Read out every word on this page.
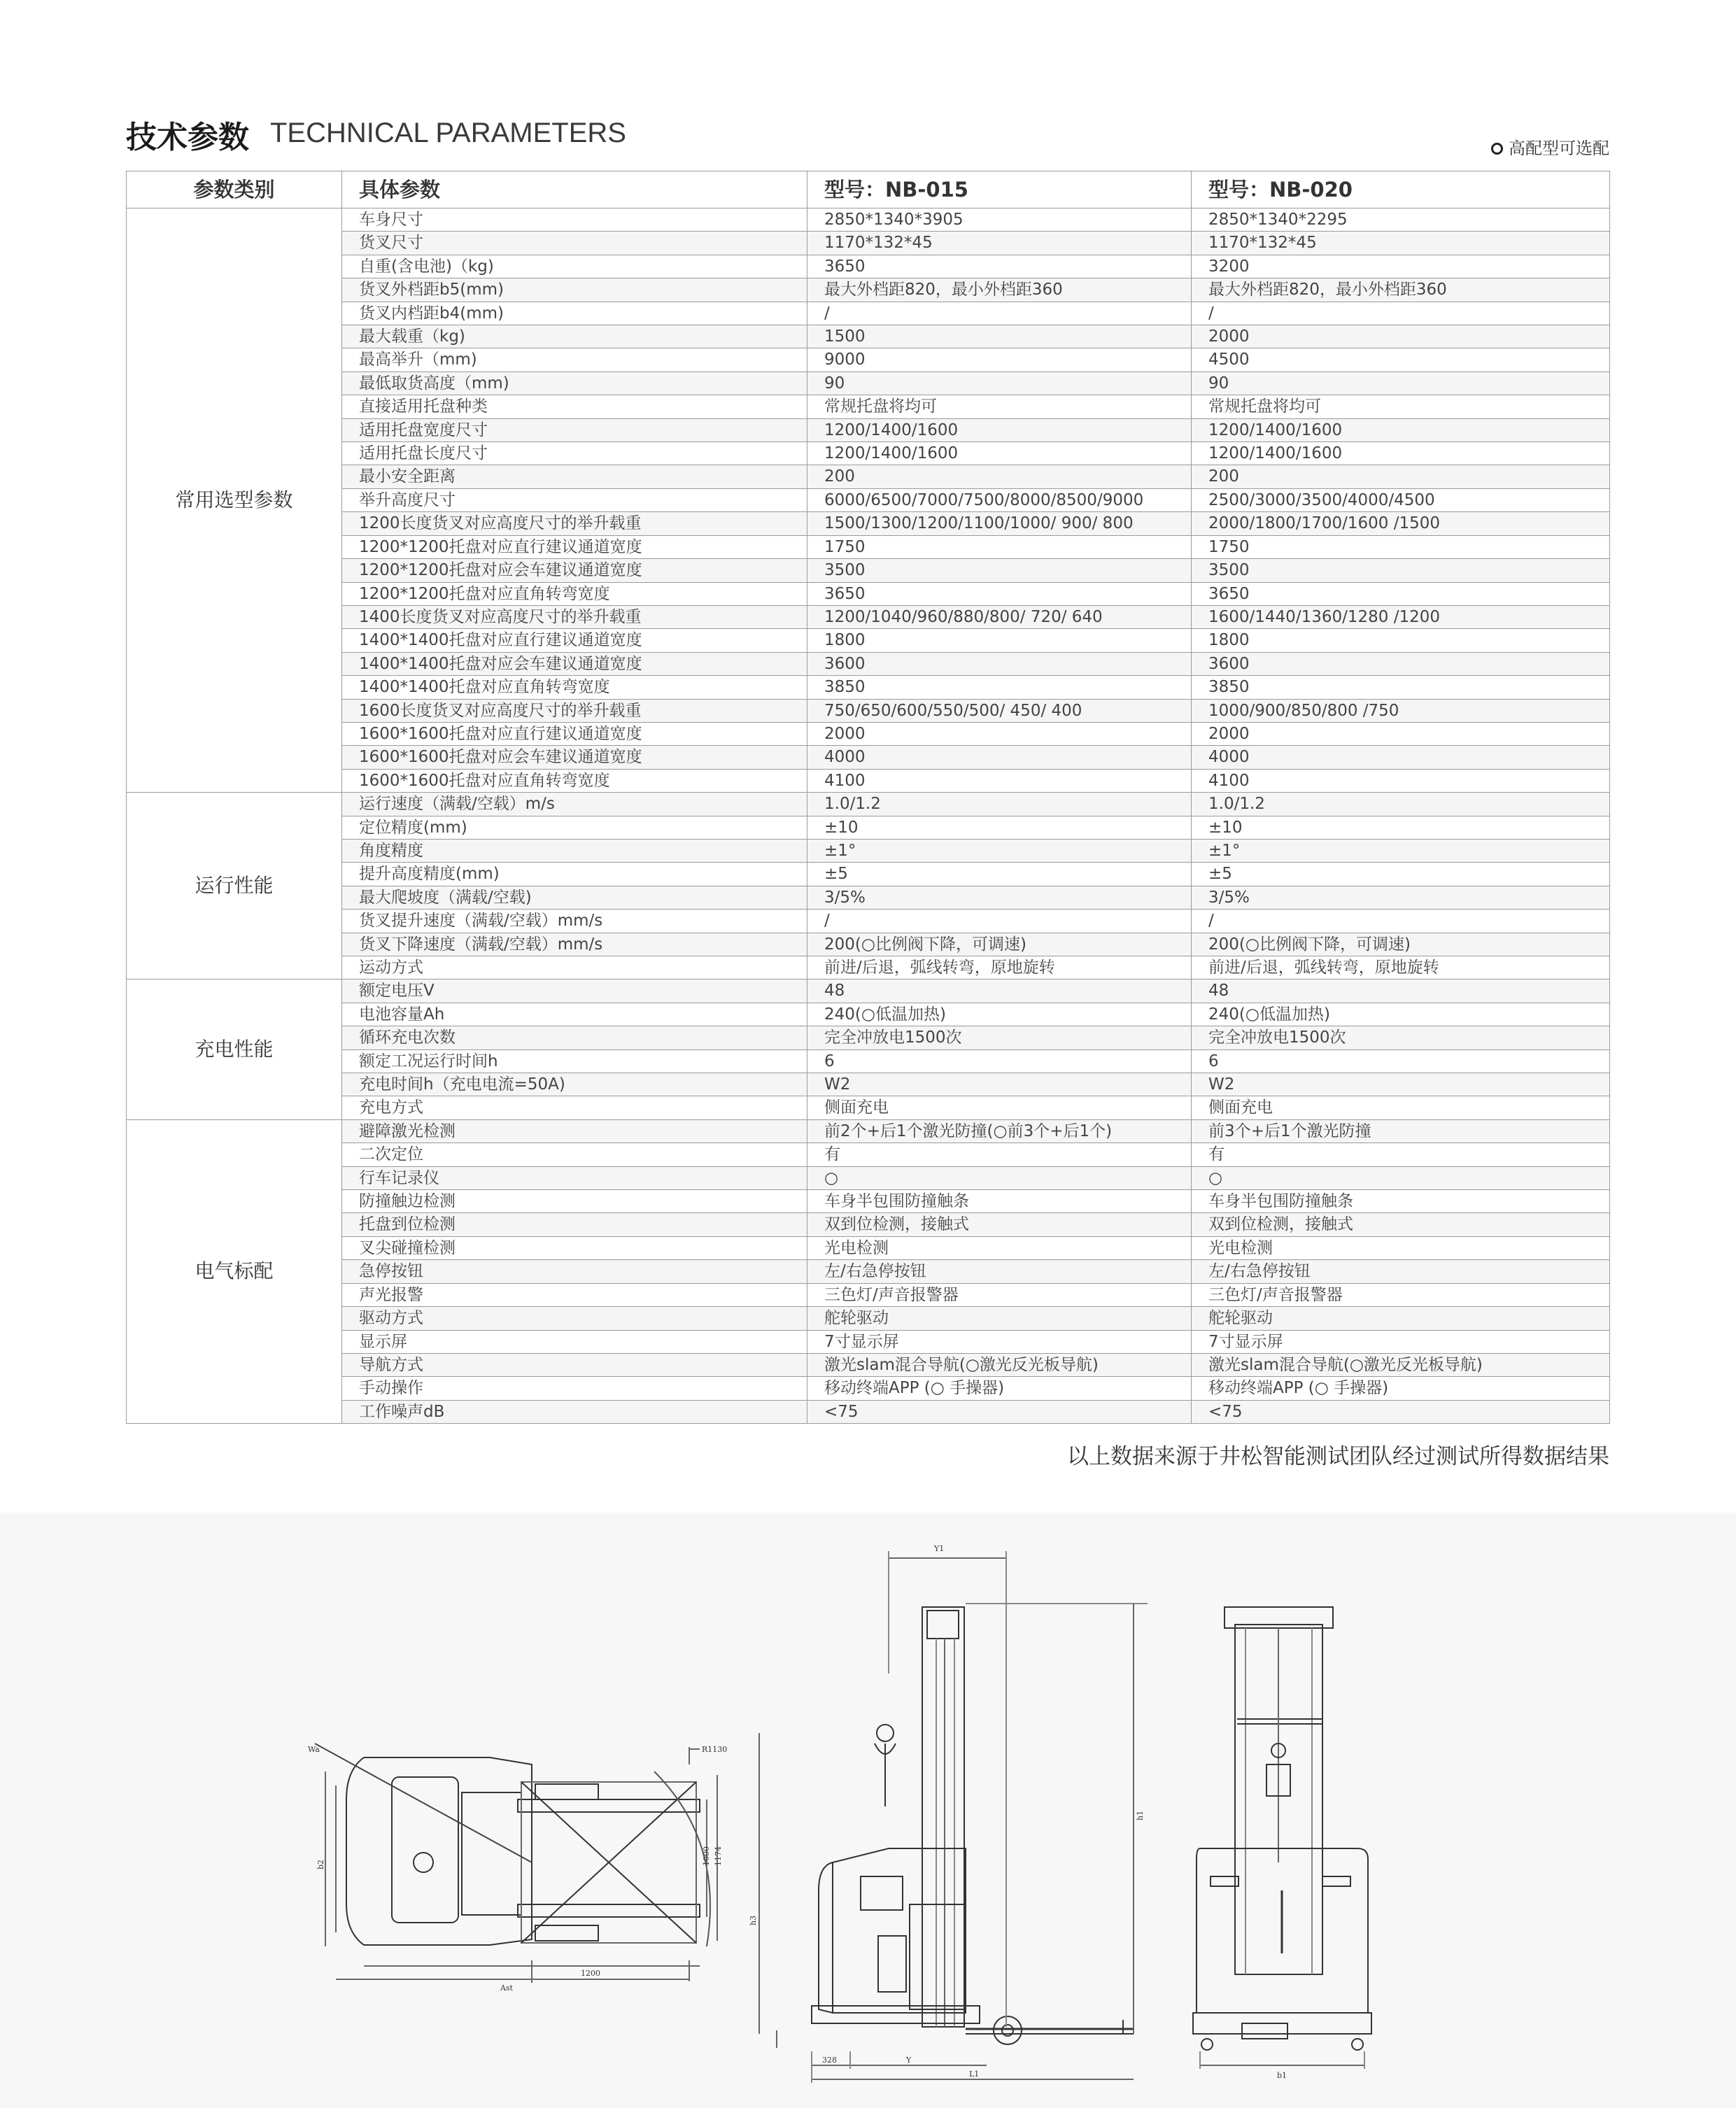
技术参数 TECHNICAL PARAMETERS	高配型可选配
参数类别	具体参数	型号：NB-015	型号：NB-020
常用选型参数	车身尺寸	2850*1340*3905	2850*1340*2295
	货叉尺寸	1170*132*45	1170*132*45
	自重(含电池)（kg)	3650	3200
	货叉外档距b5(mm)	最大外档距820，最小外档距360	最大外档距820，最小外档距360
	货叉内档距b4(mm)	/	/
	最大载重（kg)	1500	2000
	最高举升（mm)	9000	4500
	最低取货高度（mm)	90	90
	直接适用托盘种类	常规托盘将均可	常规托盘将均可
	适用托盘宽度尺寸	1200/1400/1600	1200/1400/1600
	适用托盘长度尺寸	1200/1400/1600	1200/1400/1600
	最小安全距离	200	200
	举升高度尺寸	6000/6500/7000/7500/8000/8500/9000	2500/3000/3500/4000/4500
	1200长度货叉对应高度尺寸的举升载重	1500/1300/1200/1100/1000/ 900/ 800	2000/1800/1700/1600 /1500
	1200*1200托盘对应直行建议通道宽度	1750	1750
	1200*1200托盘对应会车建议通道宽度	3500	3500
	1200*1200托盘对应直角转弯宽度	3650	3650
	1400长度货叉对应高度尺寸的举升载重	1200/1040/960/880/800/ 720/ 640	1600/1440/1360/1280 /1200
	1400*1400托盘对应直行建议通道宽度	1800	1800
	1400*1400托盘对应会车建议通道宽度	3600	3600
	1400*1400托盘对应直角转弯宽度	3850	3850
	1600长度货叉对应高度尺寸的举升载重	750/650/600/550/500/ 450/ 400	1000/900/850/800 /750
	1600*1600托盘对应直行建议通道宽度	2000	2000
	1600*1600托盘对应会车建议通道宽度	4000	4000
	1600*1600托盘对应直角转弯宽度	4100	4100
运行性能	运行速度（满载/空载）m/s	1.0/1.2	1.0/1.2
	定位精度(mm)	±10	±10
	角度精度	±1°	±1°
	提升高度精度(mm)	±5	±5
	最大爬坡度（满载/空载)	3/5%	3/5%
	货叉提升速度（满载/空载）mm/s	/	/
	货叉下降速度（满载/空载）mm/s	200(○比例阀下降，可调速)	200(○比例阀下降，可调速)
	运动方式	前进/后退，弧线转弯，原地旋转	前进/后退，弧线转弯，原地旋转
充电性能	额定电压V	48	48
	电池容量Ah	240(○低温加热)	240(○低温加热)
	循环充电次数	完全冲放电1500次	完全冲放电1500次
	额定工况运行时间h	6	6
	充电时间h（充电电流=50A)	W2	W2
	充电方式	侧面充电	侧面充电
电气标配	避障激光检测	前2个+后1个激光防撞(○前3个+后1个)	前3个+后1个激光防撞
	二次定位	有	有
	行车记录仪	○	○
	防撞触边检测	车身半包围防撞触条	车身半包围防撞触条
	托盘到位检测	双到位检测，接触式	双到位检测，接触式
	叉尖碰撞检测	光电检测	光电检测
	急停按钮	左/右急停按钮	左/右急停按钮
	声光报警	三色灯/声音报警器	三色灯/声音报警器
	驱动方式	舵轮驱动	舵轮驱动
	显示屏	7寸显示屏	7寸显示屏
	导航方式	激光slam混合导航(○激光反光板导航)	激光slam混合导航(○激光反光板导航)
	手动操作	移动终端APP (○ 手操器)	移动终端APP (○ 手操器)
	工作噪声dB	<75	<75
以上数据来源于井松智能测试团队经过测试所得数据结果
Wa	R1130
1200
Ast
1000 1174
b2
Y1
h1
h3
328	Y
L1	b1
